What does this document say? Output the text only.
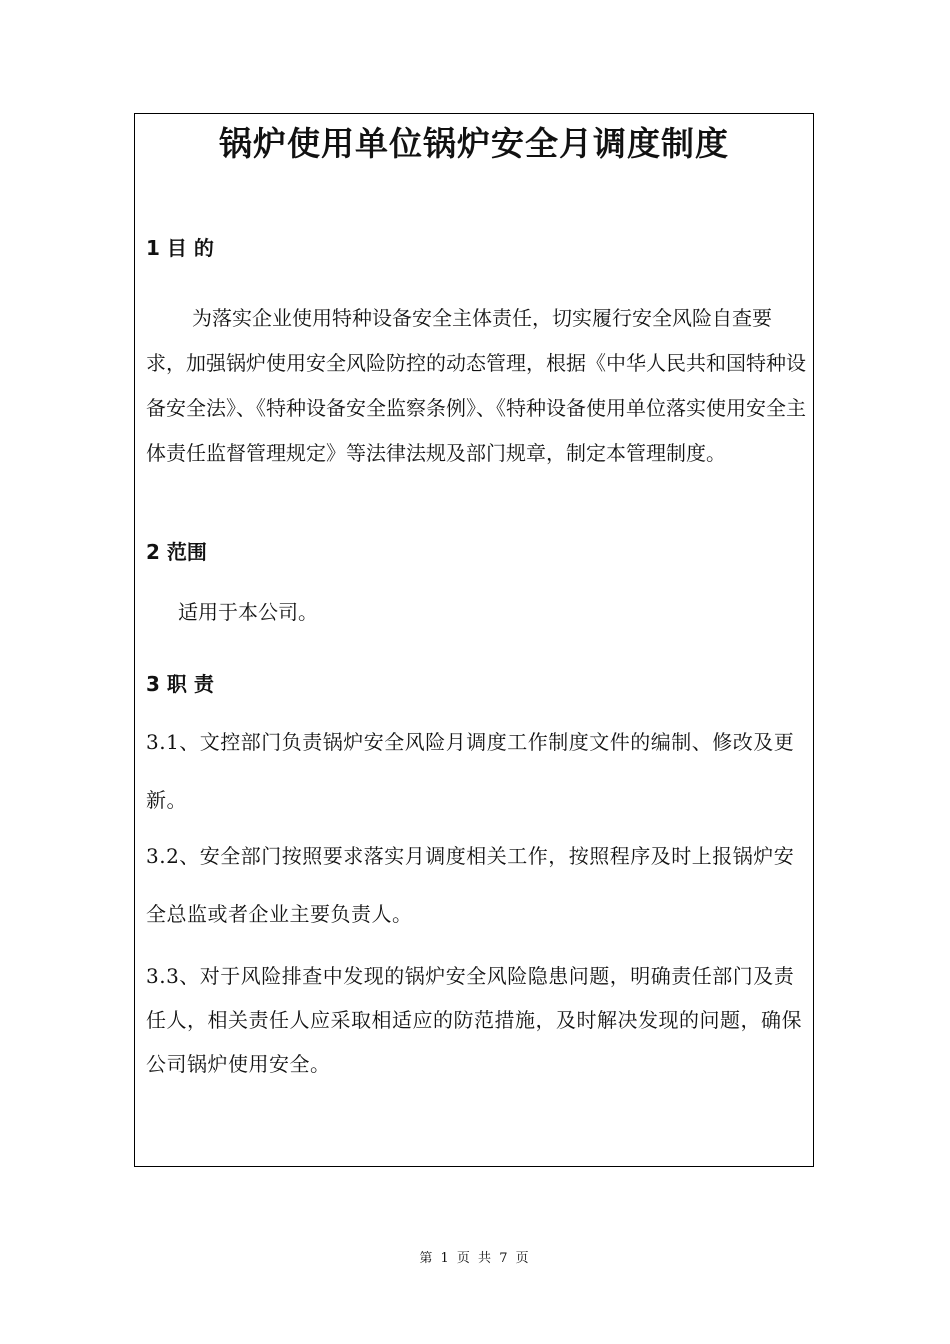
锅炉使用单位锅炉安全月调度制度
1 目 的
为落实企业使用特种设备安全主体责任，切实履行安全风险自查要求，加强锅炉使用安全风险防控的动态管理，根据《中华人民共和国特种设备安全法》、《特种设备安全监察条例》、《特种设备使用单位落实使用安全主体责任监督管理规定》等法律法规及部门规章，制定本管理制度。
2 范围
适用于本公司。
3 职 责
3.1、文控部门负责锅炉安全风险月调度工作制度文件的编制、修改及更新。
3.2、安全部门按照要求落实月调度相关工作，按照程序及时上报锅炉安全总监或者企业主要负责人。
3.3、对于风险排查中发现的锅炉安全风险隐患问题，明确责任部门及责任人，相关责任人应采取相适应的防范措施，及时解决发现的问题，确保公司锅炉使用安全。
第 1 页 共 7 页
